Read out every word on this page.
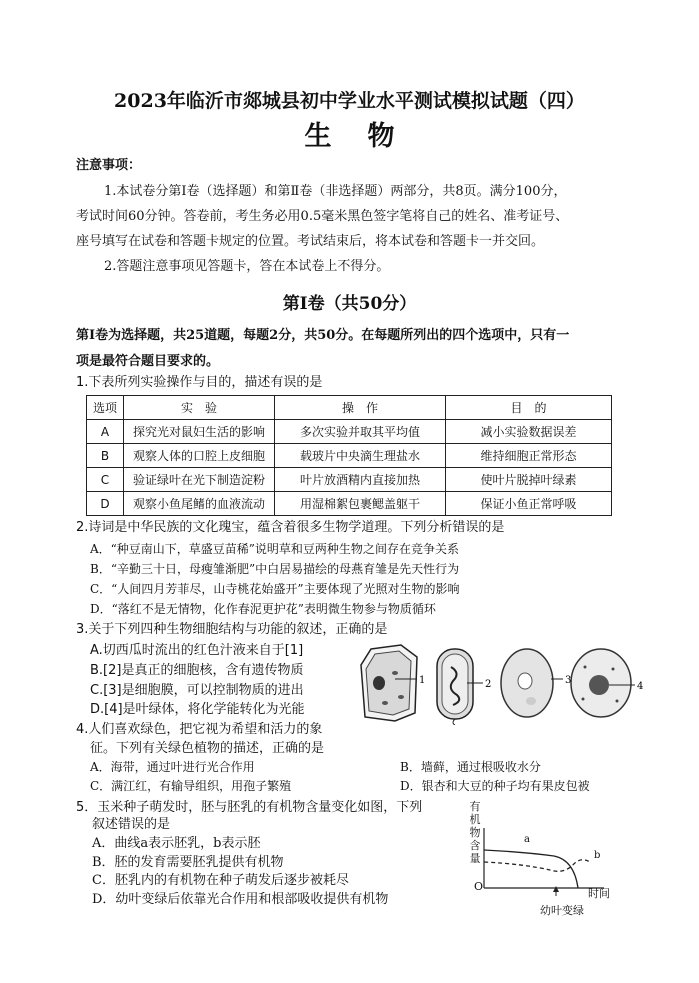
2023年临沂市郯城县初中学业水平测试模拟试题（四）
生物
注意事项：
1.本试卷分第Ⅰ卷（选择题）和第Ⅱ卷（非选择题）两部分，共8页。满分100分，
考试时间60分钟。答卷前，考生务必用0.5毫米黑色签字笔将自己的姓名、准考证号、
座号填写在试卷和答题卡规定的位置。考试结束后，将本试卷和答题卡一并交回。
2.答题注意事项见答题卡，答在本试卷上不得分。
第Ⅰ卷（共50分）
第Ⅰ卷为选择题，共25道题，每题2分，共50分。在每题所列出的四个选项中，只有一
项是最符合题目要求的。
1.下表所列实验操作与目的，描述有误的是
选项	实　验	操　作	目　的
A	探究光对鼠妇生活的影响	多次实验并取其平均值	减小实验数据误差
B	观察人体的口腔上皮细胞	载玻片中央滴生理盐水	维持细胞正常形态
C	验证绿叶在光下制造淀粉	叶片放酒精内直接加热	使叶片脱掉叶绿素
D	观察小鱼尾鳍的血液流动	用湿棉絮包裹鳃盖躯干	保证小鱼正常呼吸
2.诗词是中华民族的文化瑰宝，蕴含着很多生物学道理。下列分析错误的是
A．“种豆南山下，草盛豆苗稀”说明草和豆两种生物之间存在竞争关系
B．“辛勤三十日，母瘦雏渐肥”中白居易描绘的母燕育雏是先天性行为
C．“人间四月芳菲尽，山寺桃花始盛开”主要体现了光照对生物的影响
D．“落红不是无情物，化作春泥更护花”表明微生物参与物质循环
3.关于下列四种生物细胞结构与功能的叙述，正确的是
A.切西瓜时流出的红色汁液来自于[1]
B.[2]是真正的细胞核，含有遗传物质
C.[3]是细胞膜，可以控制物质的进出
D.[4]是叶绿体，将化学能转化为光能
1	2	3
4
4.人们喜欢绿色，把它视为希望和活力的象
征。下列有关绿色植物的描述，正确的是
A．海带，通过叶进行光合作用	B．墙藓，通过根吸收水分
C．满江红，有输导组织，用孢子繁殖	D．银杏和大豆的种子均有果皮包被
5．玉米种子萌发时，胚与胚乳的有机物含量变化如图，下列
叙述错误的是
A．曲线a表示胚乳，b表示胚
B．胚的发育需要胚乳提供有机物
C．胚乳内的有机物在种子萌发后逐步被耗尽
D．幼叶变绿后依靠光合作用和根部吸收提供有机物
有
机
物
含
量
O
a
b
时间
幼叶变绿
